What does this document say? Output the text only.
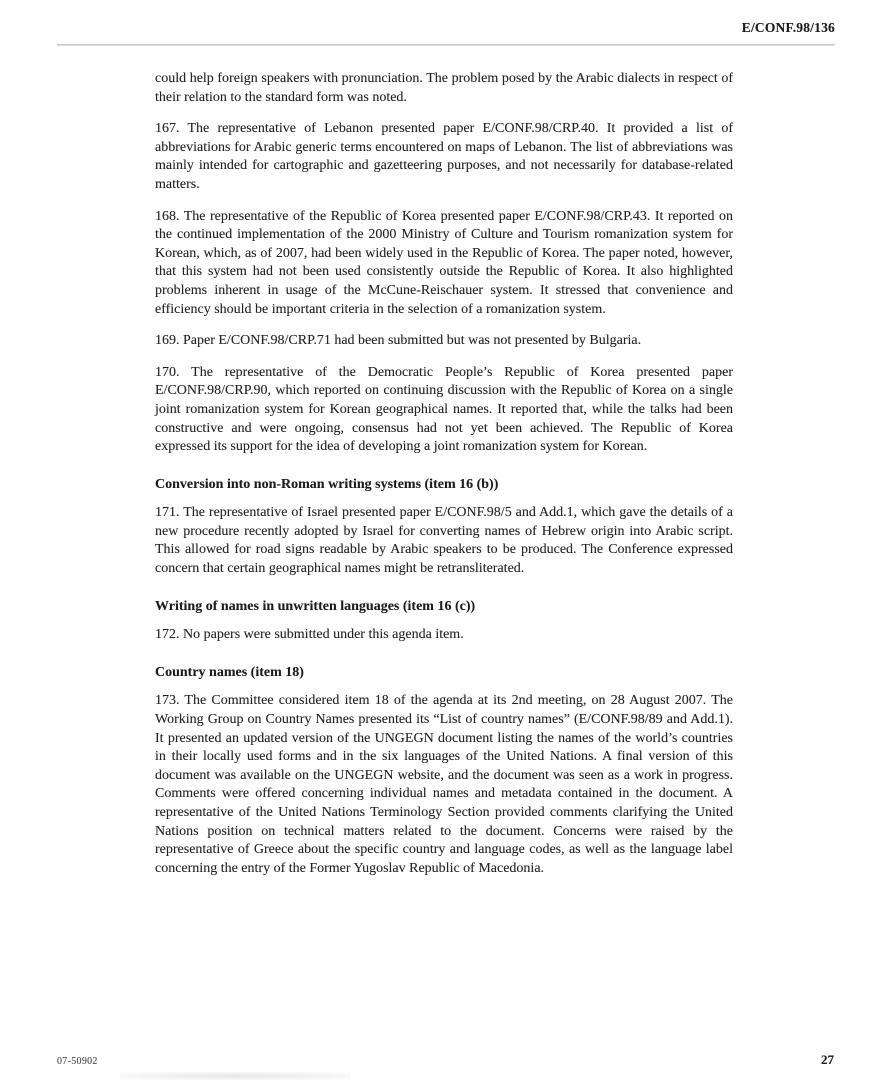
E/CONF.98/136
could help foreign speakers with pronunciation. The problem posed by the Arabic dialects in respect of their relation to the standard form was noted.
167. The representative of Lebanon presented paper E/CONF.98/CRP.40. It provided a list of abbreviations for Arabic generic terms encountered on maps of Lebanon. The list of abbreviations was mainly intended for cartographic and gazetteering purposes, and not necessarily for database-related matters.
168. The representative of the Republic of Korea presented paper E/CONF.98/CRP.43. It reported on the continued implementation of the 2000 Ministry of Culture and Tourism romanization system for Korean, which, as of 2007, had been widely used in the Republic of Korea. The paper noted, however, that this system had not been used consistently outside the Republic of Korea. It also highlighted problems inherent in usage of the McCune-Reischauer system. It stressed that convenience and efficiency should be important criteria in the selection of a romanization system.
169. Paper E/CONF.98/CRP.71 had been submitted but was not presented by Bulgaria.
170. The representative of the Democratic People’s Republic of Korea presented paper E/CONF.98/CRP.90, which reported on continuing discussion with the Republic of Korea on a single joint romanization system for Korean geographical names. It reported that, while the talks had been constructive and were ongoing, consensus had not yet been achieved. The Republic of Korea expressed its support for the idea of developing a joint romanization system for Korean.
Conversion into non-Roman writing systems (item 16 (b))
171. The representative of Israel presented paper E/CONF.98/5 and Add.1, which gave the details of a new procedure recently adopted by Israel for converting names of Hebrew origin into Arabic script. This allowed for road signs readable by Arabic speakers to be produced. The Conference expressed concern that certain geographical names might be retransliterated.
Writing of names in unwritten languages (item 16 (c))
172. No papers were submitted under this agenda item.
Country names (item 18)
173. The Committee considered item 18 of the agenda at its 2nd meeting, on 28 August 2007. The Working Group on Country Names presented its “List of country names” (E/CONF.98/89 and Add.1). It presented an updated version of the UNGEGN document listing the names of the world’s countries in their locally used forms and in the six languages of the United Nations. A final version of this document was available on the UNGEGN website, and the document was seen as a work in progress. Comments were offered concerning individual names and metadata contained in the document. A representative of the United Nations Terminology Section provided comments clarifying the United Nations position on technical matters related to the document. Concerns were raised by the representative of Greece about the specific country and language codes, as well as the language label concerning the entry of the Former Yugoslav Republic of Macedonia.
07-50902	27
